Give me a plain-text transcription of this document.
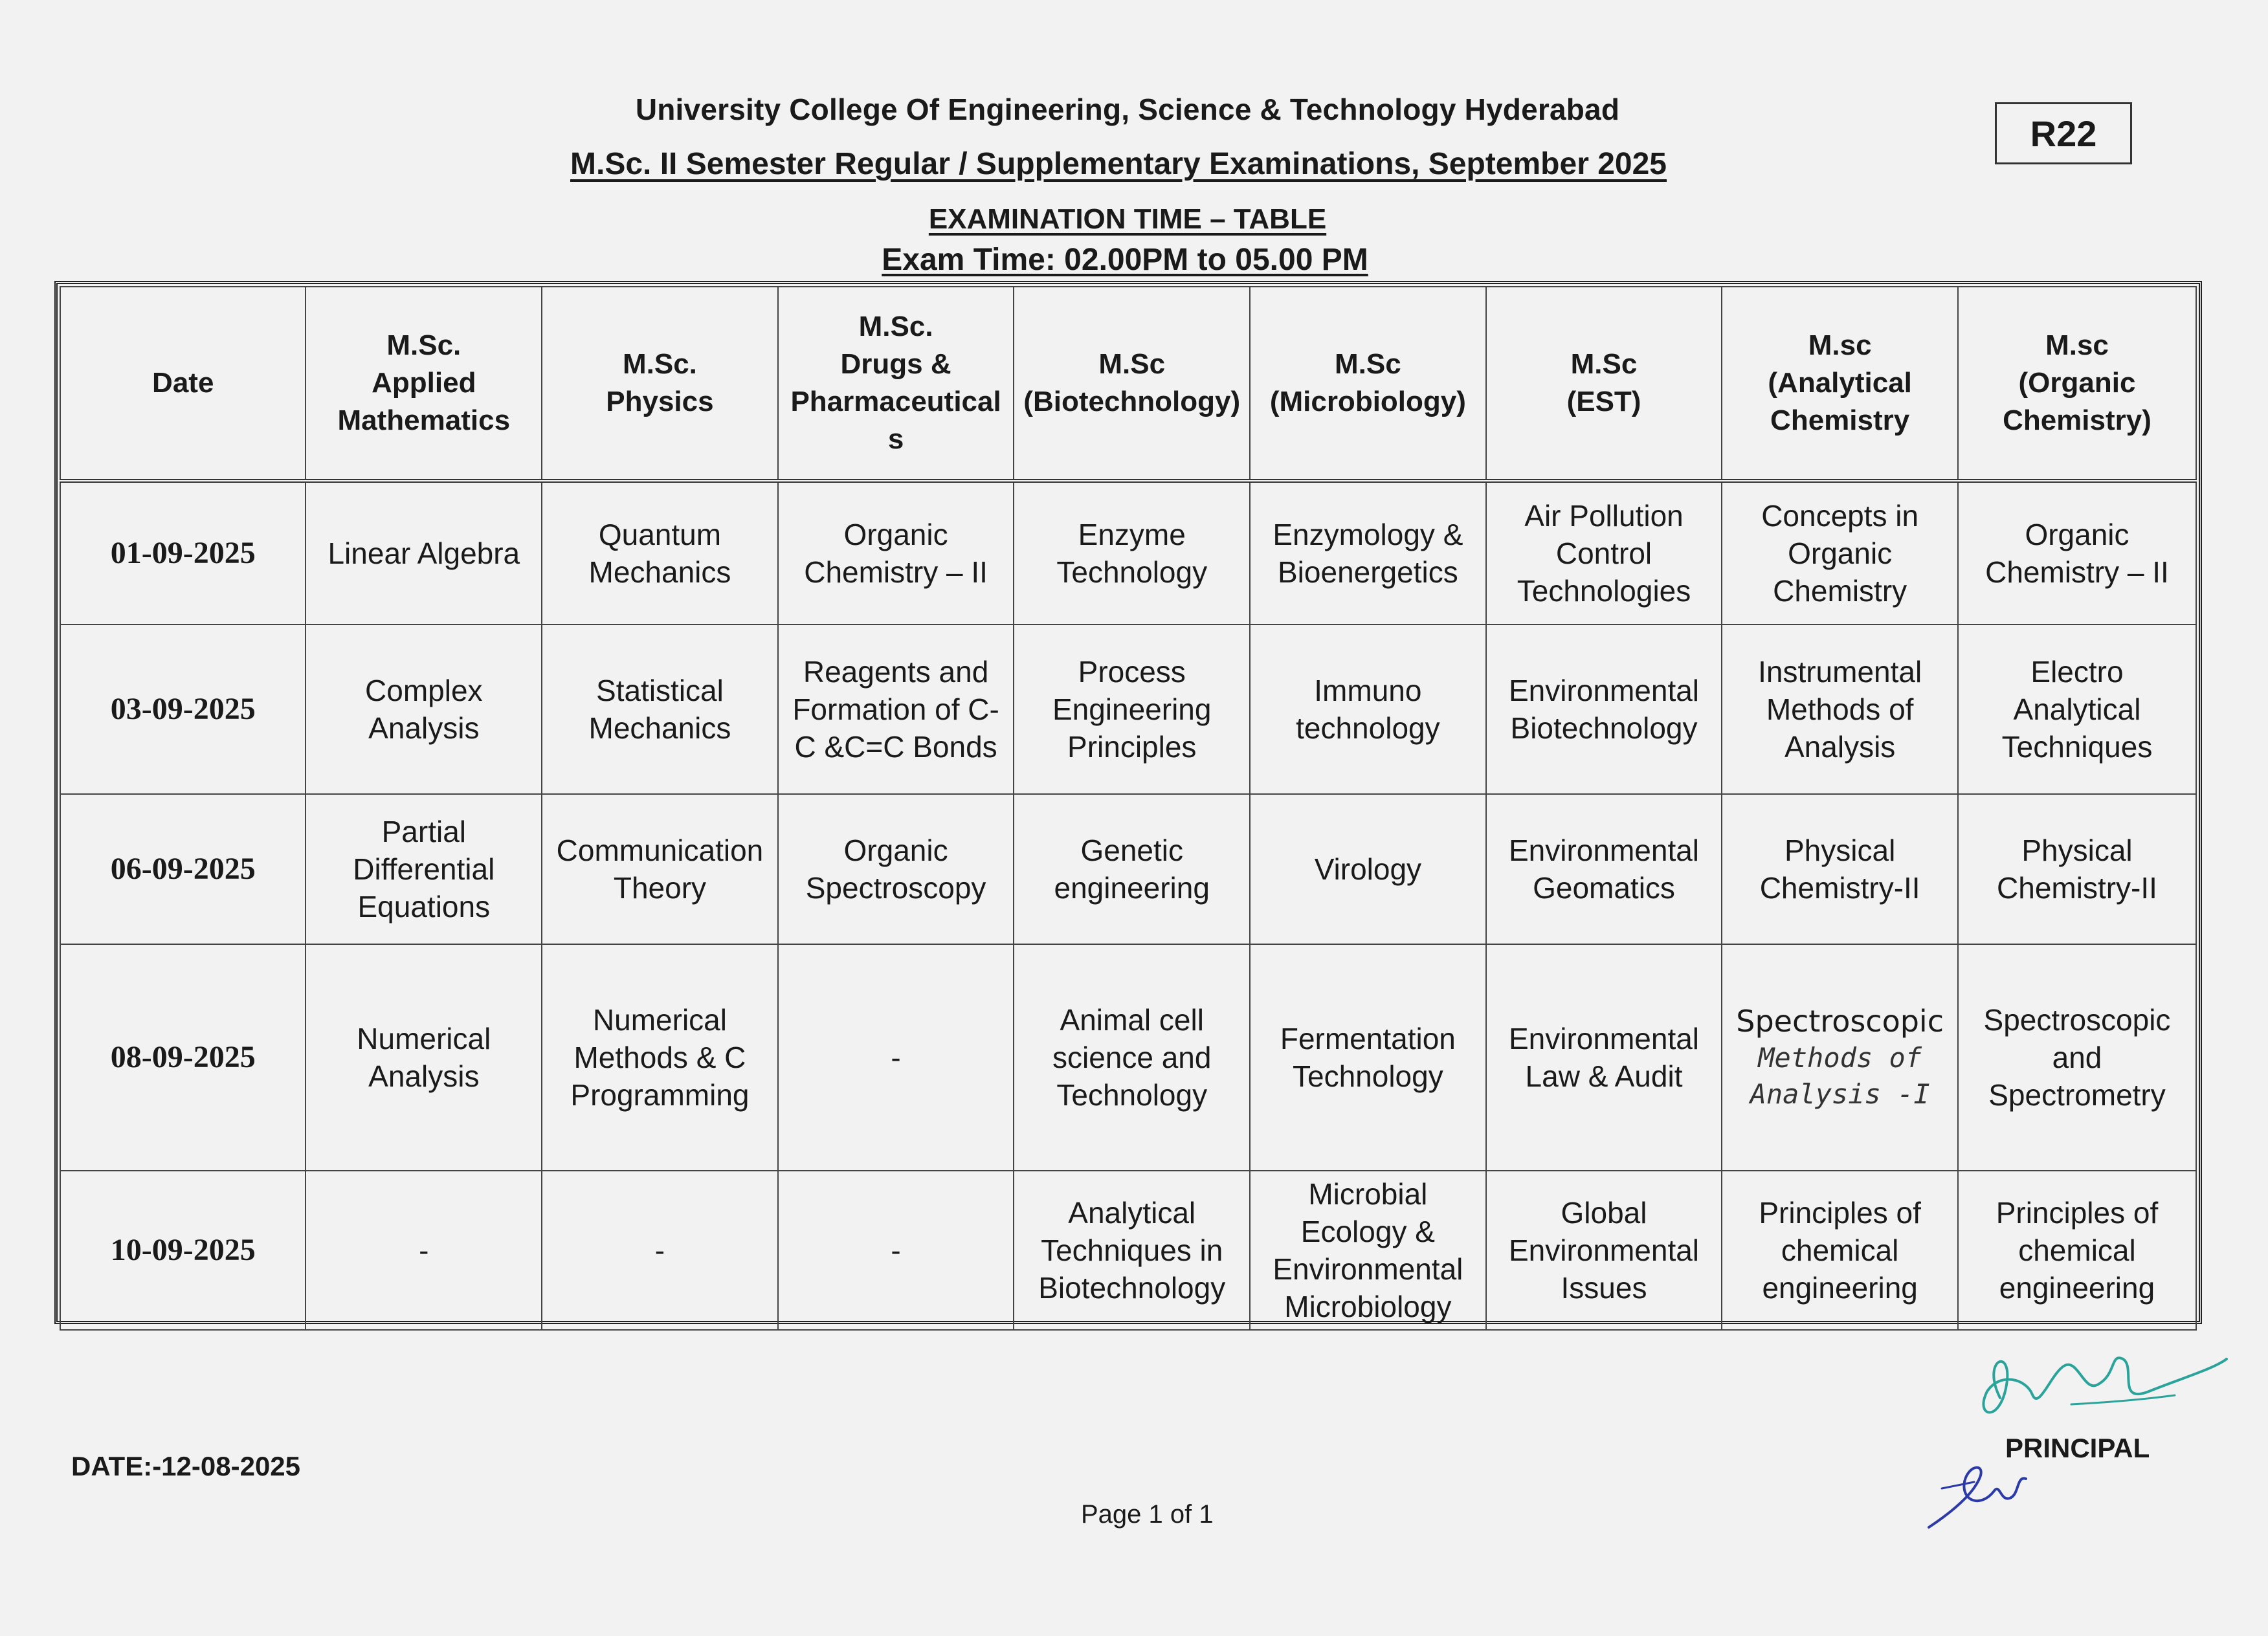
University College Of Engineering, Science & Technology Hyderabad
M.Sc. II Semester Regular / Supplementary Examinations, September 2025
EXAMINATION TIME – TABLE
Exam Time: 02.00PM to 05.00 PM
R22
Date	M.Sc.
Applied
Mathematics	M.Sc.
Physics	M.Sc.
Drugs &
Pharmaceutical
s	M.Sc
(Biotechnology)	M.Sc
(Microbiology)	M.Sc
(EST)	M.sc
(Analytical
Chemistry	M.sc
(Organic
Chemistry)
01-09-2025	Linear Algebra	Quantum
Mechanics	Organic
Chemistry – II	Enzyme
Technology	Enzymology &
Bioenergetics	Air Pollution
Control
Technologies	Concepts in
Organic
Chemistry	Organic
Chemistry – II
03-09-2025	Complex
Analysis	Statistical
Mechanics	Reagents and
Formation of C-
C &C=C Bonds	Process
Engineering
Principles	Immuno
technology	Environmental
Biotechnology	Instrumental
Methods of
Analysis	Electro
Analytical
Techniques
06-09-2025	Partial
Differential
Equations	Communication
Theory	Organic
Spectroscopy	Genetic
engineering	Virology	Environmental
Geomatics	Physical
Chemistry-II	Physical
Chemistry-II
08-09-2025	Numerical
Analysis	Numerical
Methods & C
Programming	-	Animal cell
science and
Technology	Fermentation
Technology	Environmental
Law & Audit	Spectroscopic
Methods of
Analysis -I	Spectroscopic
and
Spectrometry
10-09-2025	-	-	-	Analytical
Techniques in
Biotechnology	Microbial
Ecology &
Environmental
Microbiology	Global
Environmental
Issues	Principles of
chemical
engineering	Principles of
chemical
engineering
DATE:-12-08-2025
Page 1 of 1
PRINCIPAL
